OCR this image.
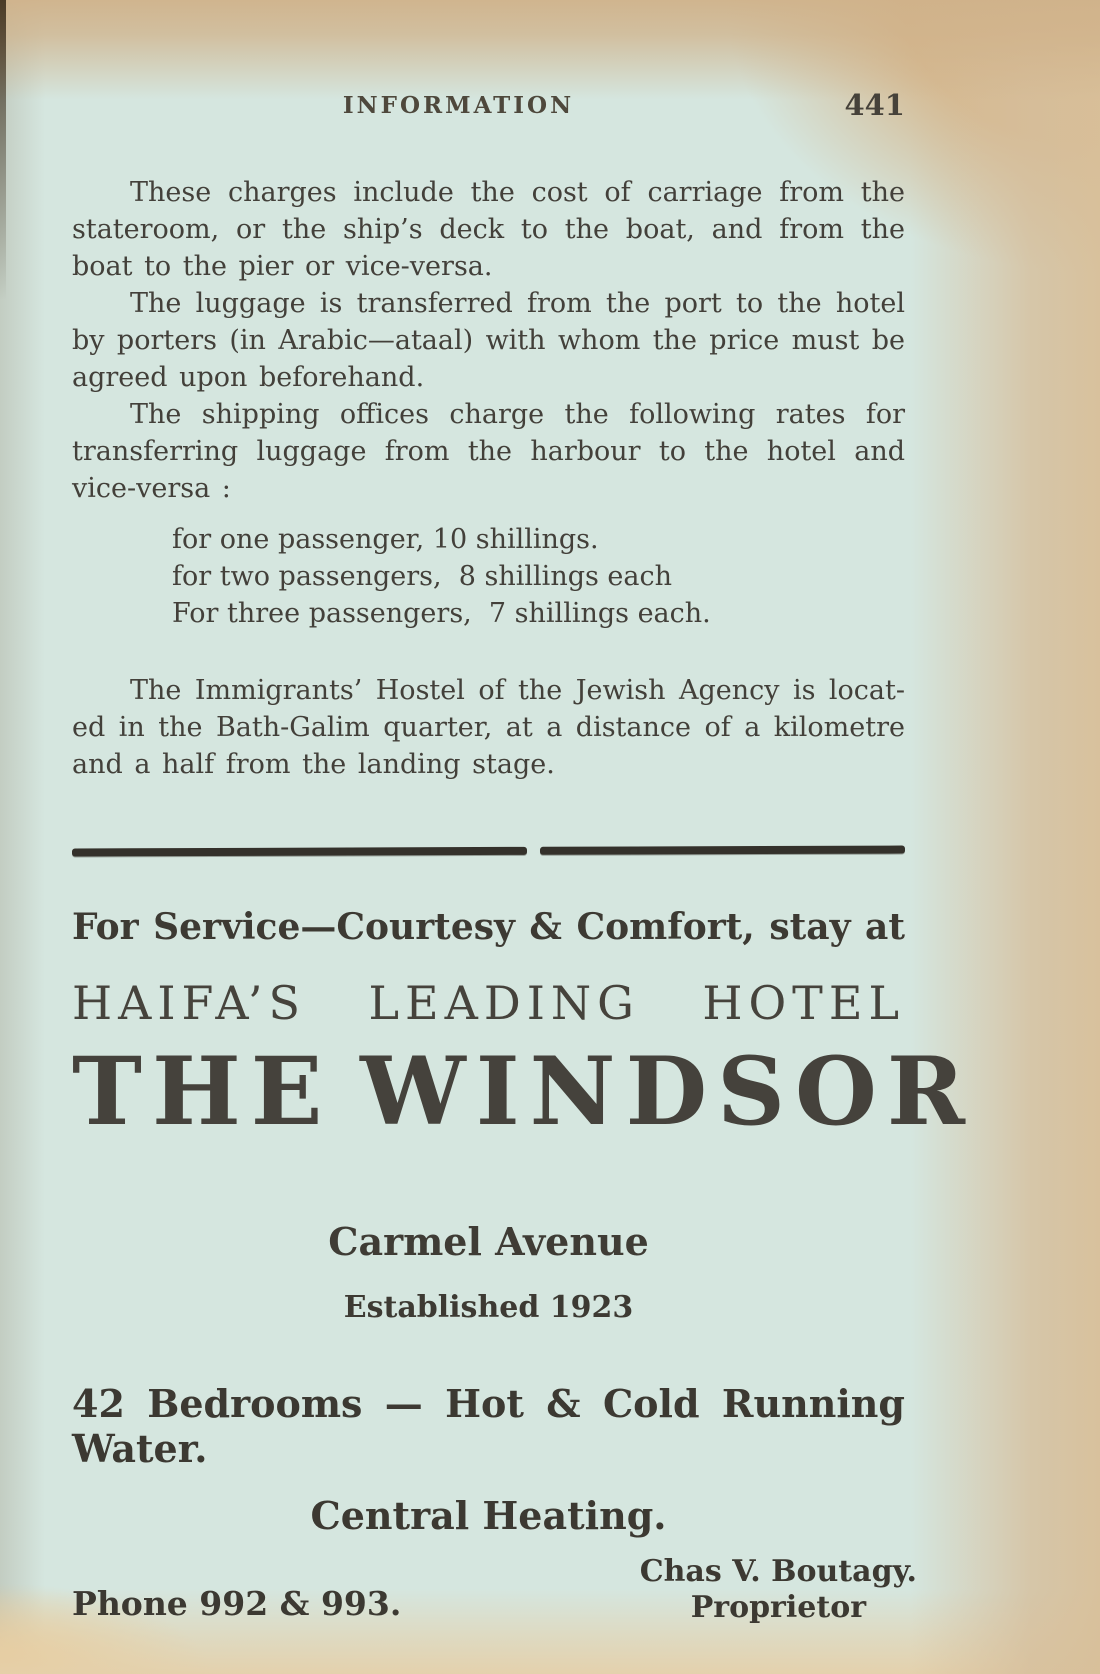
INFORMATION	441
These charges include the cost of carriage from the
stateroom, or the ship’s deck to the boat, and from the
boat to the pier or vice-versa.
The luggage is transferred from the port to the hotel
by porters (in Arabic—ataal) with whom the price must be
agreed upon beforehand.
The shipping offices charge the following rates for
transferring luggage from the harbour to the hotel and
vice-versa :
for one passenger, 10 shillings.
for two passengers,  8 shillings each
For three passengers,  7 shillings each.
The Immigrants’ Hostel of the Jewish Agency is locat-
ed in the Bath-Galim quarter, at a distance of a kilometre
and a half from the landing stage.
For Service—Courtesy & Comfort, stay at
HAIFA’S LEADING HOTEL
THE WINDSOR
Carmel Avenue
Established 1923
42 Bedrooms — Hot & Cold Running Water.
Central Heating.
Phone 992 & 993.
Chas V. Boutagy.
Proprietor
